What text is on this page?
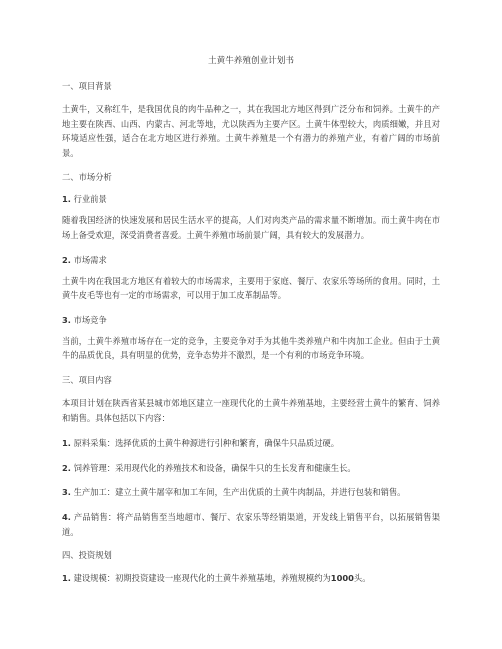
土黄牛养殖创业计划书
一、项目背景
土黄牛，又称红牛，是我国优良的肉牛品种之一，其在我国北方地区得到广泛分布和饲养。土黄牛的产地主要在陕西、山西、内蒙古、河北等地，尤以陕西为主要产区。土黄牛体型较大，肉质细嫩，并且对环境适应性强，适合在北方地区进行养殖。土黄牛养殖是一个有潜力的养殖产业，有着广阔的市场前景。
二、市场分析
1. 行业前景
随着我国经济的快速发展和居民生活水平的提高，人们对肉类产品的需求量不断增加。而土黄牛肉在市场上备受欢迎，深受消费者喜爱。土黄牛养殖市场前景广阔，具有较大的发展潜力。
2. 市场需求
土黄牛肉在我国北方地区有着较大的市场需求，主要用于家庭、餐厅、农家乐等场所的食用。同时，土黄牛皮毛等也有一定的市场需求，可以用于加工皮革制品等。
3. 市场竞争
当前，土黄牛养殖市场存在一定的竞争，主要竞争对手为其他牛类养殖户和牛肉加工企业。但由于土黄牛的品质优良，具有明显的优势，竞争态势并不激烈，是一个有利的市场竞争环境。
三、项目内容
本项目计划在陕西省某县城市郊地区建立一座现代化的土黄牛养殖基地，主要经营土黄牛的繁育、饲养和销售。具体包括以下内容：
1. 原料采集：选择优质的土黄牛种源进行引种和繁育，确保牛只品质过硬。
2. 饲养管理：采用现代化的养殖技术和设备，确保牛只的生长发育和健康生长。
3. 生产加工：建立土黄牛屠宰和加工车间，生产出优质的土黄牛肉制品，并进行包装和销售。
4. 产品销售：将产品销售至当地超市、餐厅、农家乐等经销渠道，开发线上销售平台，以拓展销售渠道。
四、投资规划
1. 建设规模：初期投资建设一座现代化的土黄牛养殖基地，养殖规模约为1000头。
